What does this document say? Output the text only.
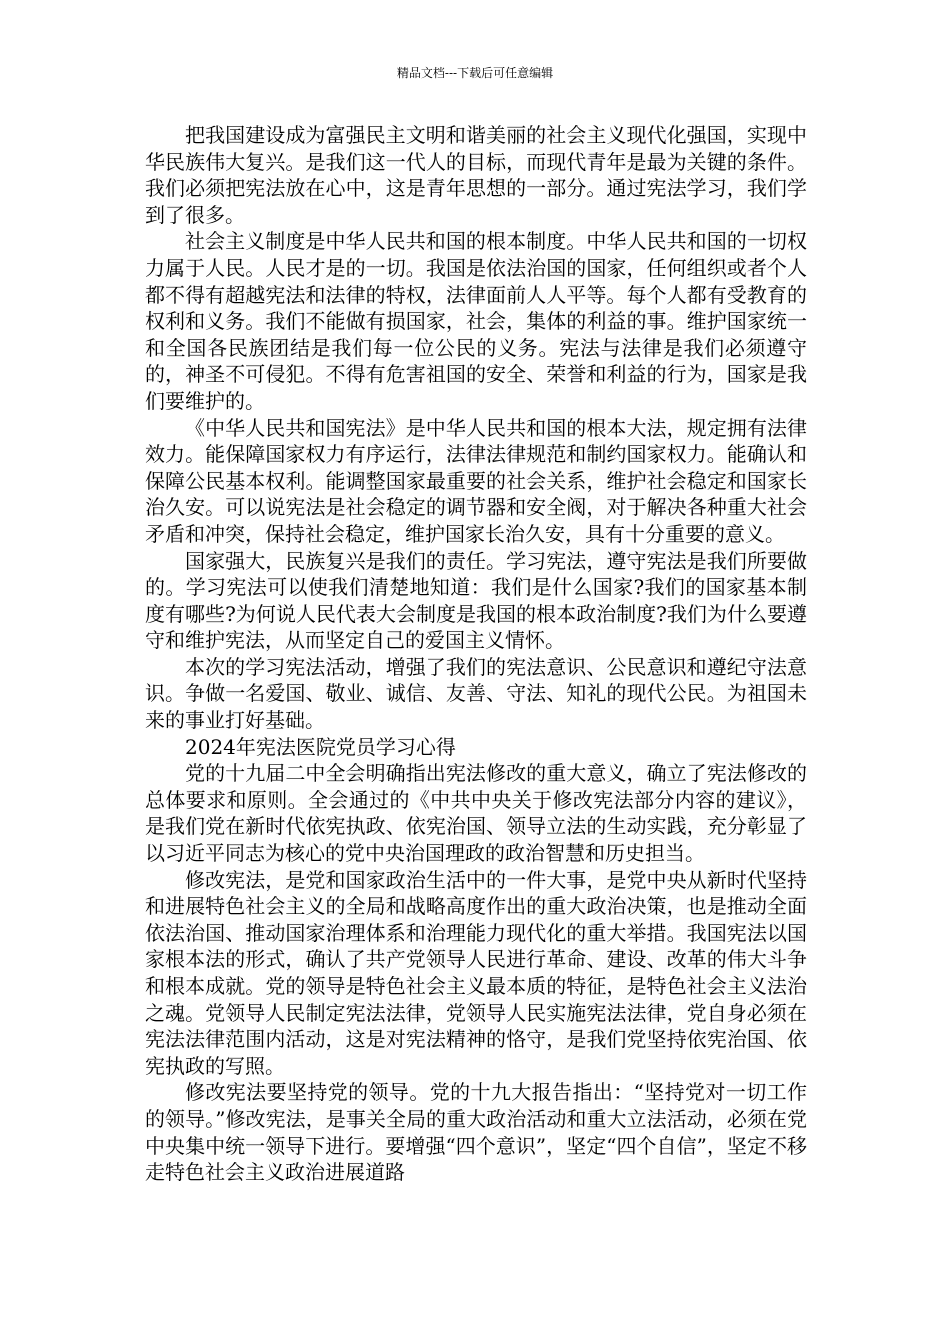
精品文档---下载后可任意编辑

把我国建设成为富强民主文明和谐美丽的社会主义现代化强国，实现中华民族伟大复兴。是我们这一代人的目标，而现代青年是最为关键的条件。我们必须把宪法放在心中，这是青年思想的一部分。通过宪法学习，我们学到了很多。

社会主义制度是中华人民共和国的根本制度。中华人民共和国的一切权力属于人民。人民才是的一切。我国是依法治国的国家，任何组织或者个人都不得有超越宪法和法律的特权，法律面前人人平等。每个人都有受教育的权利和义务。我们不能做有损国家，社会，集体的利益的事。维护国家统一和全国各民族团结是我们每一位公民的义务。宪法与法律是我们必须遵守的，神圣不可侵犯。不得有危害祖国的安全、荣誉和利益的行为，国家是我们要维护的。

《中华人民共和国宪法》是中华人民共和国的根本大法，规定拥有法律效力。能保障国家权力有序运行，法律法律规范和制约国家权力。能确认和保障公民基本权利。能调整国家最重要的社会关系，维护社会稳定和国家长治久安。可以说宪法是社会稳定的调节器和安全阀，对于解决各种重大社会矛盾和冲突，保持社会稳定，维护国家长治久安，具有十分重要的意义。

国家强大，民族复兴是我们的责任。学习宪法，遵守宪法是我们所要做的。学习宪法可以使我们清楚地知道：我们是什么国家?我们的国家基本制度有哪些?为何说人民代表大会制度是我国的根本政治制度?我们为什么要遵守和维护宪法，从而坚定自己的爱国主义情怀。

本次的学习宪法活动，增强了我们的宪法意识、公民意识和遵纪守法意识。争做一名爱国、敬业、诚信、友善、守法、知礼的现代公民。为祖国未来的事业打好基础。

2024年宪法医院党员学习心得

党的十九届二中全会明确指出宪法修改的重大意义，确立了宪法修改的总体要求和原则。全会通过的《中共中央关于修改宪法部分内容的建议》，是我们党在新时代依宪执政、依宪治国、领导立法的生动实践，充分彰显了以习近平同志为核心的党中央治国理政的政治智慧和历史担当。

修改宪法，是党和国家政治生活中的一件大事，是党中央从新时代坚持和进展特色社会主义的全局和战略高度作出的重大政治决策，也是推动全面依法治国、推动国家治理体系和治理能力现代化的重大举措。我国宪法以国家根本法的形式，确认了共产党领导人民进行革命、建设、改革的伟大斗争和根本成就。党的领导是特色社会主义最本质的特征，是特色社会主义法治之魂。党领导人民制定宪法法律，党领导人民实施宪法法律，党自身必须在宪法法律范围内活动，这是对宪法精神的恪守，是我们党坚持依宪治国、依宪执政的写照。

修改宪法要坚持党的领导。党的十九大报告指出：“坚持党对一切工作的领导。”修改宪法，是事关全局的重大政治活动和重大立法活动，必须在党中央集中统一领导下进行。要增强“四个意识”，坚定“四个自信”，坚定不移走特色社会主义政治进展道路
